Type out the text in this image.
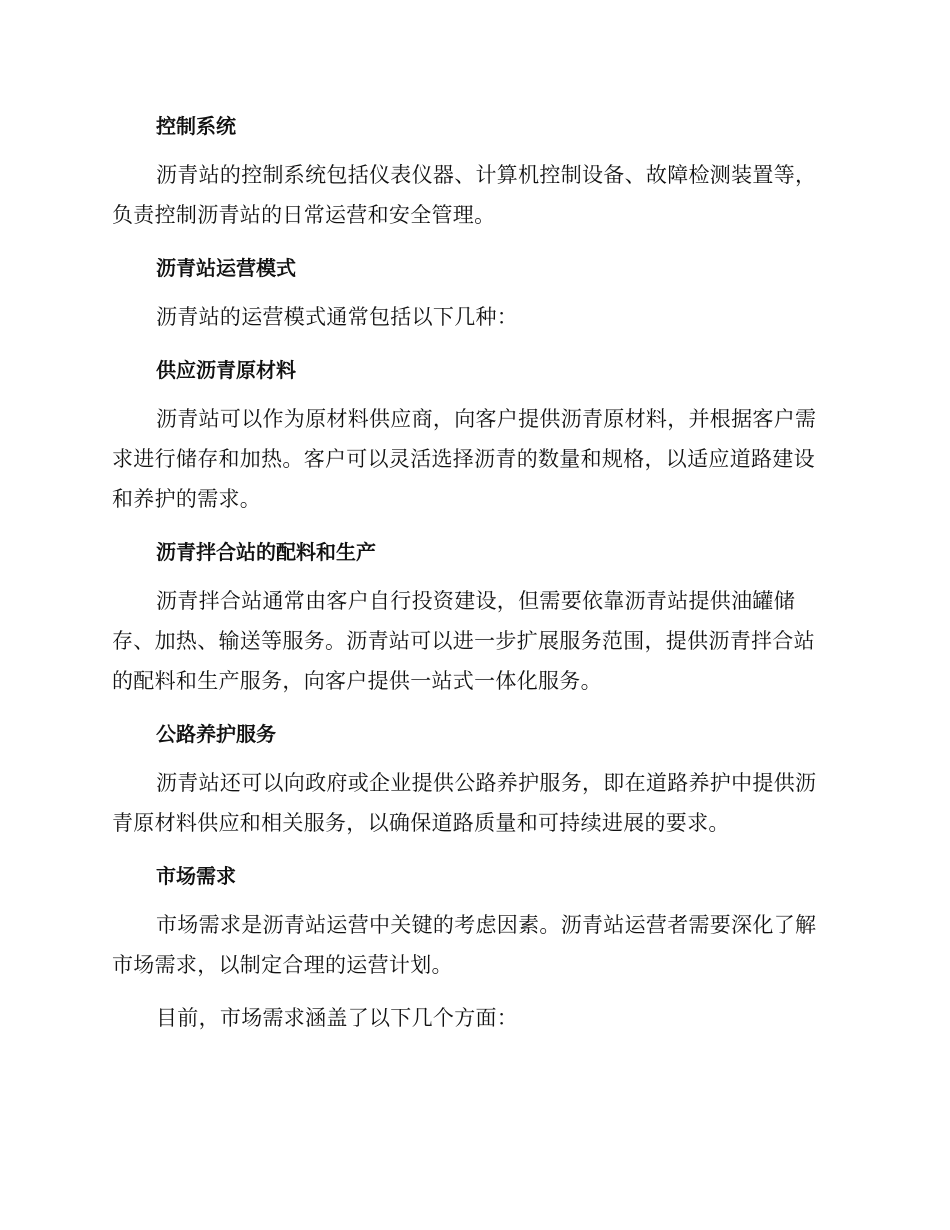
控制系统

沥青站的控制系统包括仪表仪器、计算机控制设备、故障检测装置等，负责控制沥青站的日常运营和安全管理。

沥青站运营模式

沥青站的运营模式通常包括以下几种：

供应沥青原材料

沥青站可以作为原材料供应商，向客户提供沥青原材料，并根据客户需求进行储存和加热。客户可以灵活选择沥青的数量和规格，以适应道路建设和养护的需求。

沥青拌合站的配料和生产

沥青拌合站通常由客户自行投资建设，但需要依靠沥青站提供油罐储存、加热、输送等服务。沥青站可以进一步扩展服务范围，提供沥青拌合站的配料和生产服务，向客户提供一站式一体化服务。

公路养护服务

沥青站还可以向政府或企业提供公路养护服务，即在道路养护中提供沥青原材料供应和相关服务，以确保道路质量和可持续进展的要求。

市场需求

市场需求是沥青站运营中关键的考虑因素。沥青站运营者需要深化了解市场需求，以制定合理的运营计划。

目前，市场需求涵盖了以下几个方面：
